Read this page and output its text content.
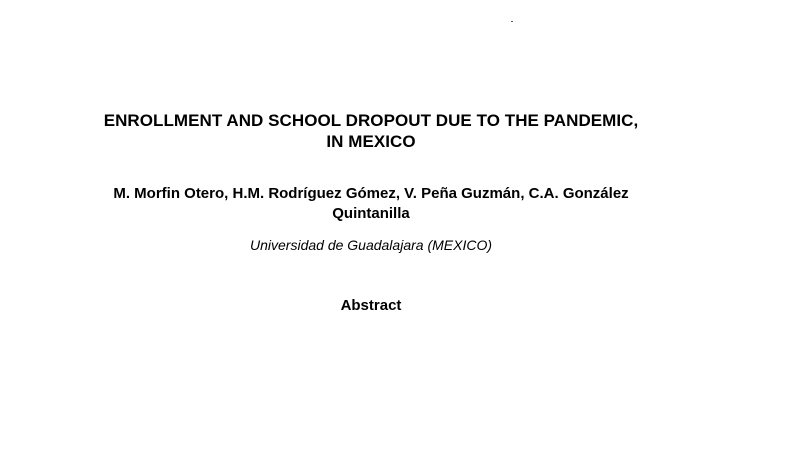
ENROLLMENT AND SCHOOL DROPOUT DUE TO THE PANDEMIC,
IN MEXICO
M. Morfin Otero, H.M. Rodríguez Gómez, V. Peña Guzmán, C.A. González
Quintanilla
Universidad de Guadalajara (MEXICO)
Abstract
